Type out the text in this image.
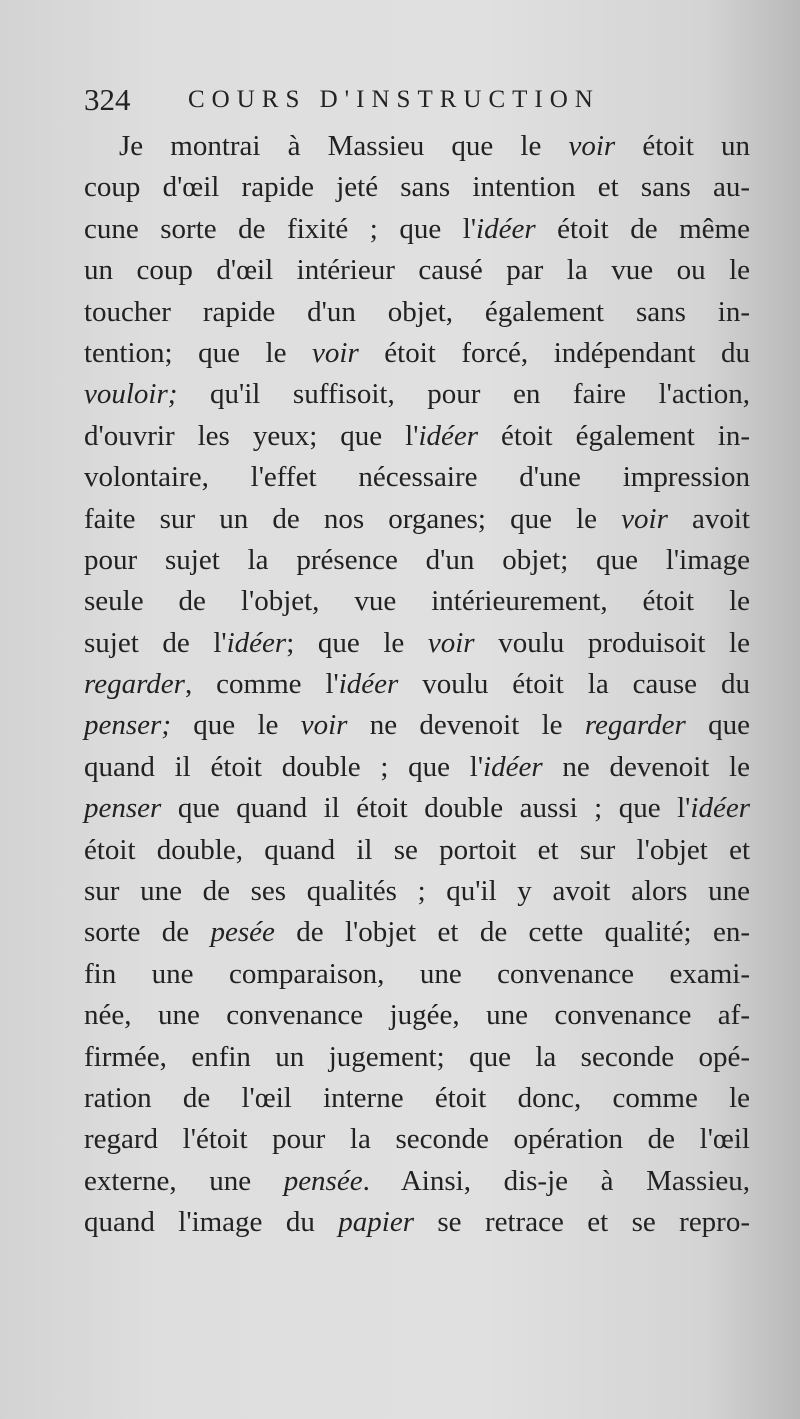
324 COURS D'INSTRUCTION
Je montrai à Massieu que le voir étoit un
coup d'œil rapide jeté sans intention et sans au-
cune sorte de fixité ; que l'idéer étoit de même
un coup d'œil intérieur causé par la vue ou le
toucher rapide d'un objet, également sans in-
tention; que le voir étoit forcé, indépendant du
vouloir; qu'il suffisoit, pour en faire l'action,
d'ouvrir les yeux; que l'idéer étoit également in-
volontaire, l'effet nécessaire d'une impression
faite sur un de nos organes; que le voir avoit
pour sujet la présence d'un objet; que l'image
seule de l'objet, vue intérieurement, étoit le
sujet de l'idéer; que le voir voulu produisoit le
regarder, comme l'idéer voulu étoit la cause du
penser; que le voir ne devenoit le regarder que
quand il étoit double ; que l'idéer ne devenoit le
penser que quand il étoit double aussi ; que l'idéer
étoit double, quand il se portoit et sur l'objet et
sur une de ses qualités ; qu'il y avoit alors une
sorte de pesée de l'objet et de cette qualité; en-
fin une comparaison, une convenance exami-
née, une convenance jugée, une convenance af-
firmée, enfin un jugement; que la seconde opé-
ration de l'œil interne étoit donc, comme le
regard l'étoit pour la seconde opération de l'œil
externe, une pensée. Ainsi, dis-je à Massieu,
quand l'image du papier se retrace et se repro-
